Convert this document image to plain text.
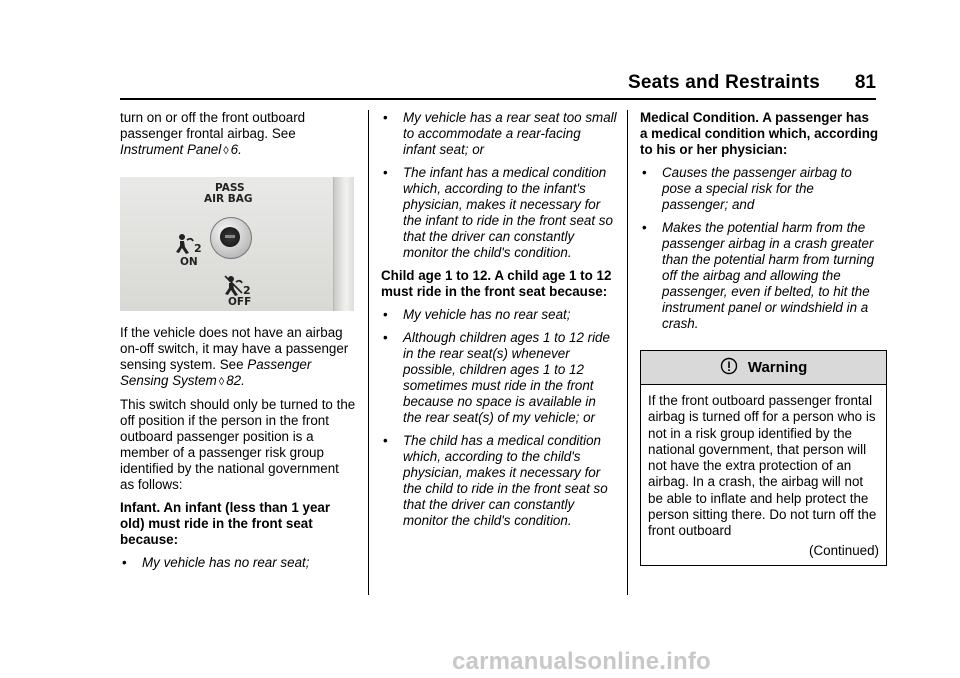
Seats and Restraints 81

turn on or off the front outboard passenger frontal airbag. See Instrument Panel ◊ 6.

PASS
AIR BAG
2
ON
2
OFF

If the vehicle does not have an airbag on-off switch, it may have a passenger sensing system. See Passenger Sensing System ◊ 82.

This switch should only be turned to the off position if the person in the front outboard passenger position is a member of a passenger risk group identified by the national government as follows:

Infant. An infant (less than 1 year old) must ride in the front seat because:

• My vehicle has no rear seat;
• My vehicle has a rear seat too small to accommodate a rear-facing infant seat; or
• The infant has a medical condition which, according to the infant's physician, makes it necessary for the infant to ride in the front seat so that the driver can constantly monitor the child's condition.

Child age 1 to 12. A child age 1 to 12 must ride in the front seat because:

• My vehicle has no rear seat;
• Although children ages 1 to 12 ride in the rear seat(s) whenever possible, children ages 1 to 12 sometimes must ride in the front because no space is available in the rear seat(s) of my vehicle; or
• The child has a medical condition which, according to the child's physician, makes it necessary for the child to ride in the front seat so that the driver can constantly monitor the child's condition.

Medical Condition. A passenger has a medical condition which, according to his or her physician:

• Causes the passenger airbag to pose a special risk for the passenger; and
• Makes the potential harm from the passenger airbag in a crash greater than the potential harm from turning off the airbag and allowing the passenger, even if belted, to hit the instrument panel or windshield in a crash.
Warning
If the front outboard passenger frontal airbag is turned off for a person who is not in a risk group identified by the national government, that person will not have the extra protection of an airbag. In a crash, the airbag will not be able to inflate and help protect the person sitting there. Do not turn off the front outboard
(Continued)
carmanualsonline.info
